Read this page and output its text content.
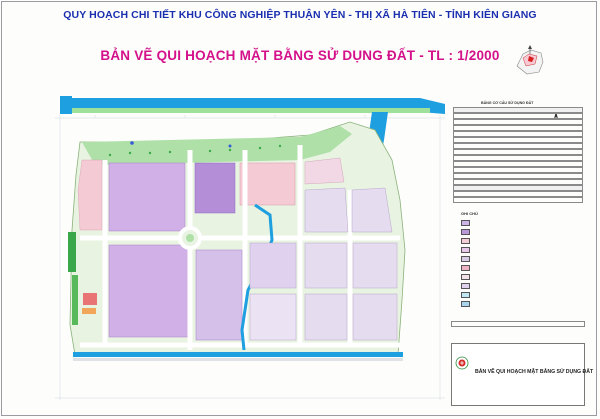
QUY HOẠCH CHI TIẾT KHU CÔNG NGHIỆP THUẬN YÊN - THỊ XÃ HÀ TIÊN - TỈNH KIÊN GIANG
BẢN VẼ QUI HOẠCH MẶT BẰNG SỬ DỤNG ĐẤT - TL : 1/2000
BẢNG CƠ CẤU SỬ DỤNG ĐẤT
GHI CHÚ
BẢN VẼ QUI HOẠCH MẶT BẰNG SỬ DỤNG ĐẤT
